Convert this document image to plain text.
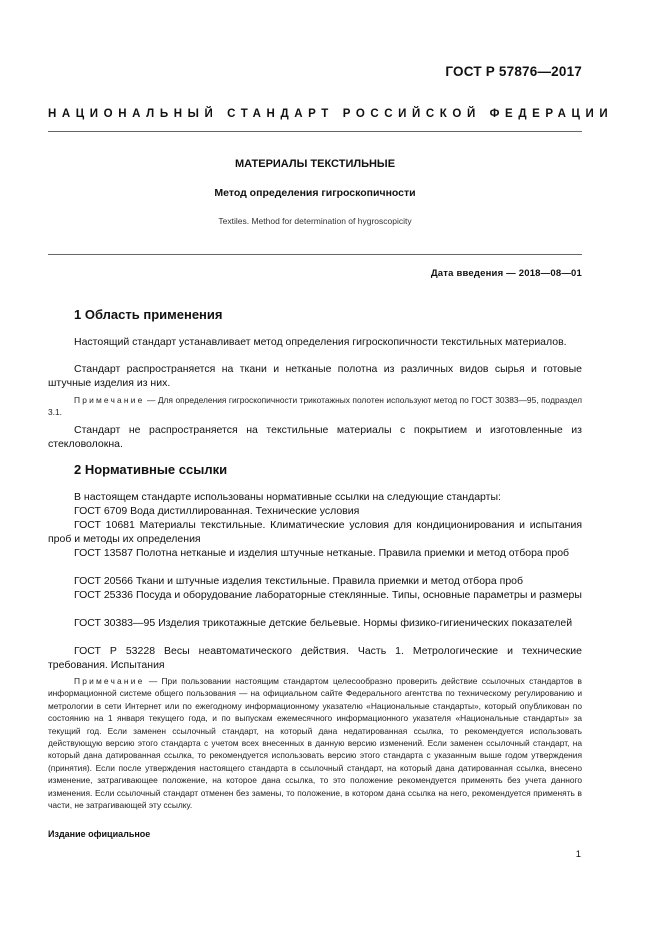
ГОСТ Р 57876—2017
НАЦИОНАЛЬНЫЙ СТАНДАРТ РОССИЙСКОЙ ФЕДЕРАЦИИ
МАТЕРИАЛЫ ТЕКСТИЛЬНЫЕ
Метод определения гигроскопичности
Textiles. Method for determination of hygroscopicity
Дата введения — 2018—08—01
1 Область применения
Настоящий стандарт устанавливает метод определения гигроскопичности текстильных материалов.
Стандарт распространяется на ткани и нетканые полотна из различных видов сырья и готовые штучные изделия из них.
Примечание — Для определения гигроскопичности трикотажных полотен используют метод по ГОСТ 30383—95, подраздел 3.1.
Стандарт не распространяется на текстильные материалы с покрытием и изготовленные из стекловолокна.
2 Нормативные ссылки
В настоящем стандарте использованы нормативные ссылки на следующие стандарты:
ГОСТ 6709 Вода дистиллированная. Технические условия
ГОСТ 10681 Материалы текстильные. Климатические условия для кондиционирования и испытания проб и методы их определения
ГОСТ 13587 Полотна нетканые и изделия штучные нетканые. Правила приемки и метод отбора проб
ГОСТ 20566 Ткани и штучные изделия текстильные. Правила приемки и метод отбора проб
ГОСТ 25336 Посуда и оборудование лабораторные стеклянные. Типы, основные параметры и размеры
ГОСТ 30383—95 Изделия трикотажные детские бельевые. Нормы физико-гигиенических показателей
ГОСТ Р 53228 Весы неавтоматического действия. Часть 1. Метрологические и технические требования. Испытания
Примечание — При пользовании настоящим стандартом целесообразно проверить действие ссылочных стандартов в информационной системе общего пользования — на официальном сайте Федерального агентства по техническому регулированию и метрологии в сети Интернет или по ежегодному информационному указателю «Национальные стандарты», который опубликован по состоянию на 1 января текущего года, и по выпускам ежемесячного информационного указателя «Национальные стандарты» за текущий год. Если заменен ссылочный стандарт, на который дана недатированная ссылка, то рекомендуется использовать действующую версию этого стандарта с учетом всех внесенных в данную версию изменений. Если заменен ссылочный стандарт, на который дана датированная ссылка, то рекомендуется использовать версию этого стандарта с указанным выше годом утверждения (принятия). Если после утверждения настоящего стандарта в ссылочный стандарт, на который дана датированная ссылка, внесено изменение, затрагивающее положение, на которое дана ссылка, то это положение рекомендуется применять без учета данного изменения. Если ссылочный стандарт отменен без замены, то положение, в котором дана ссылка на него, рекомендуется применять в части, не затрагивающей эту ссылку.
Издание официальное
1
